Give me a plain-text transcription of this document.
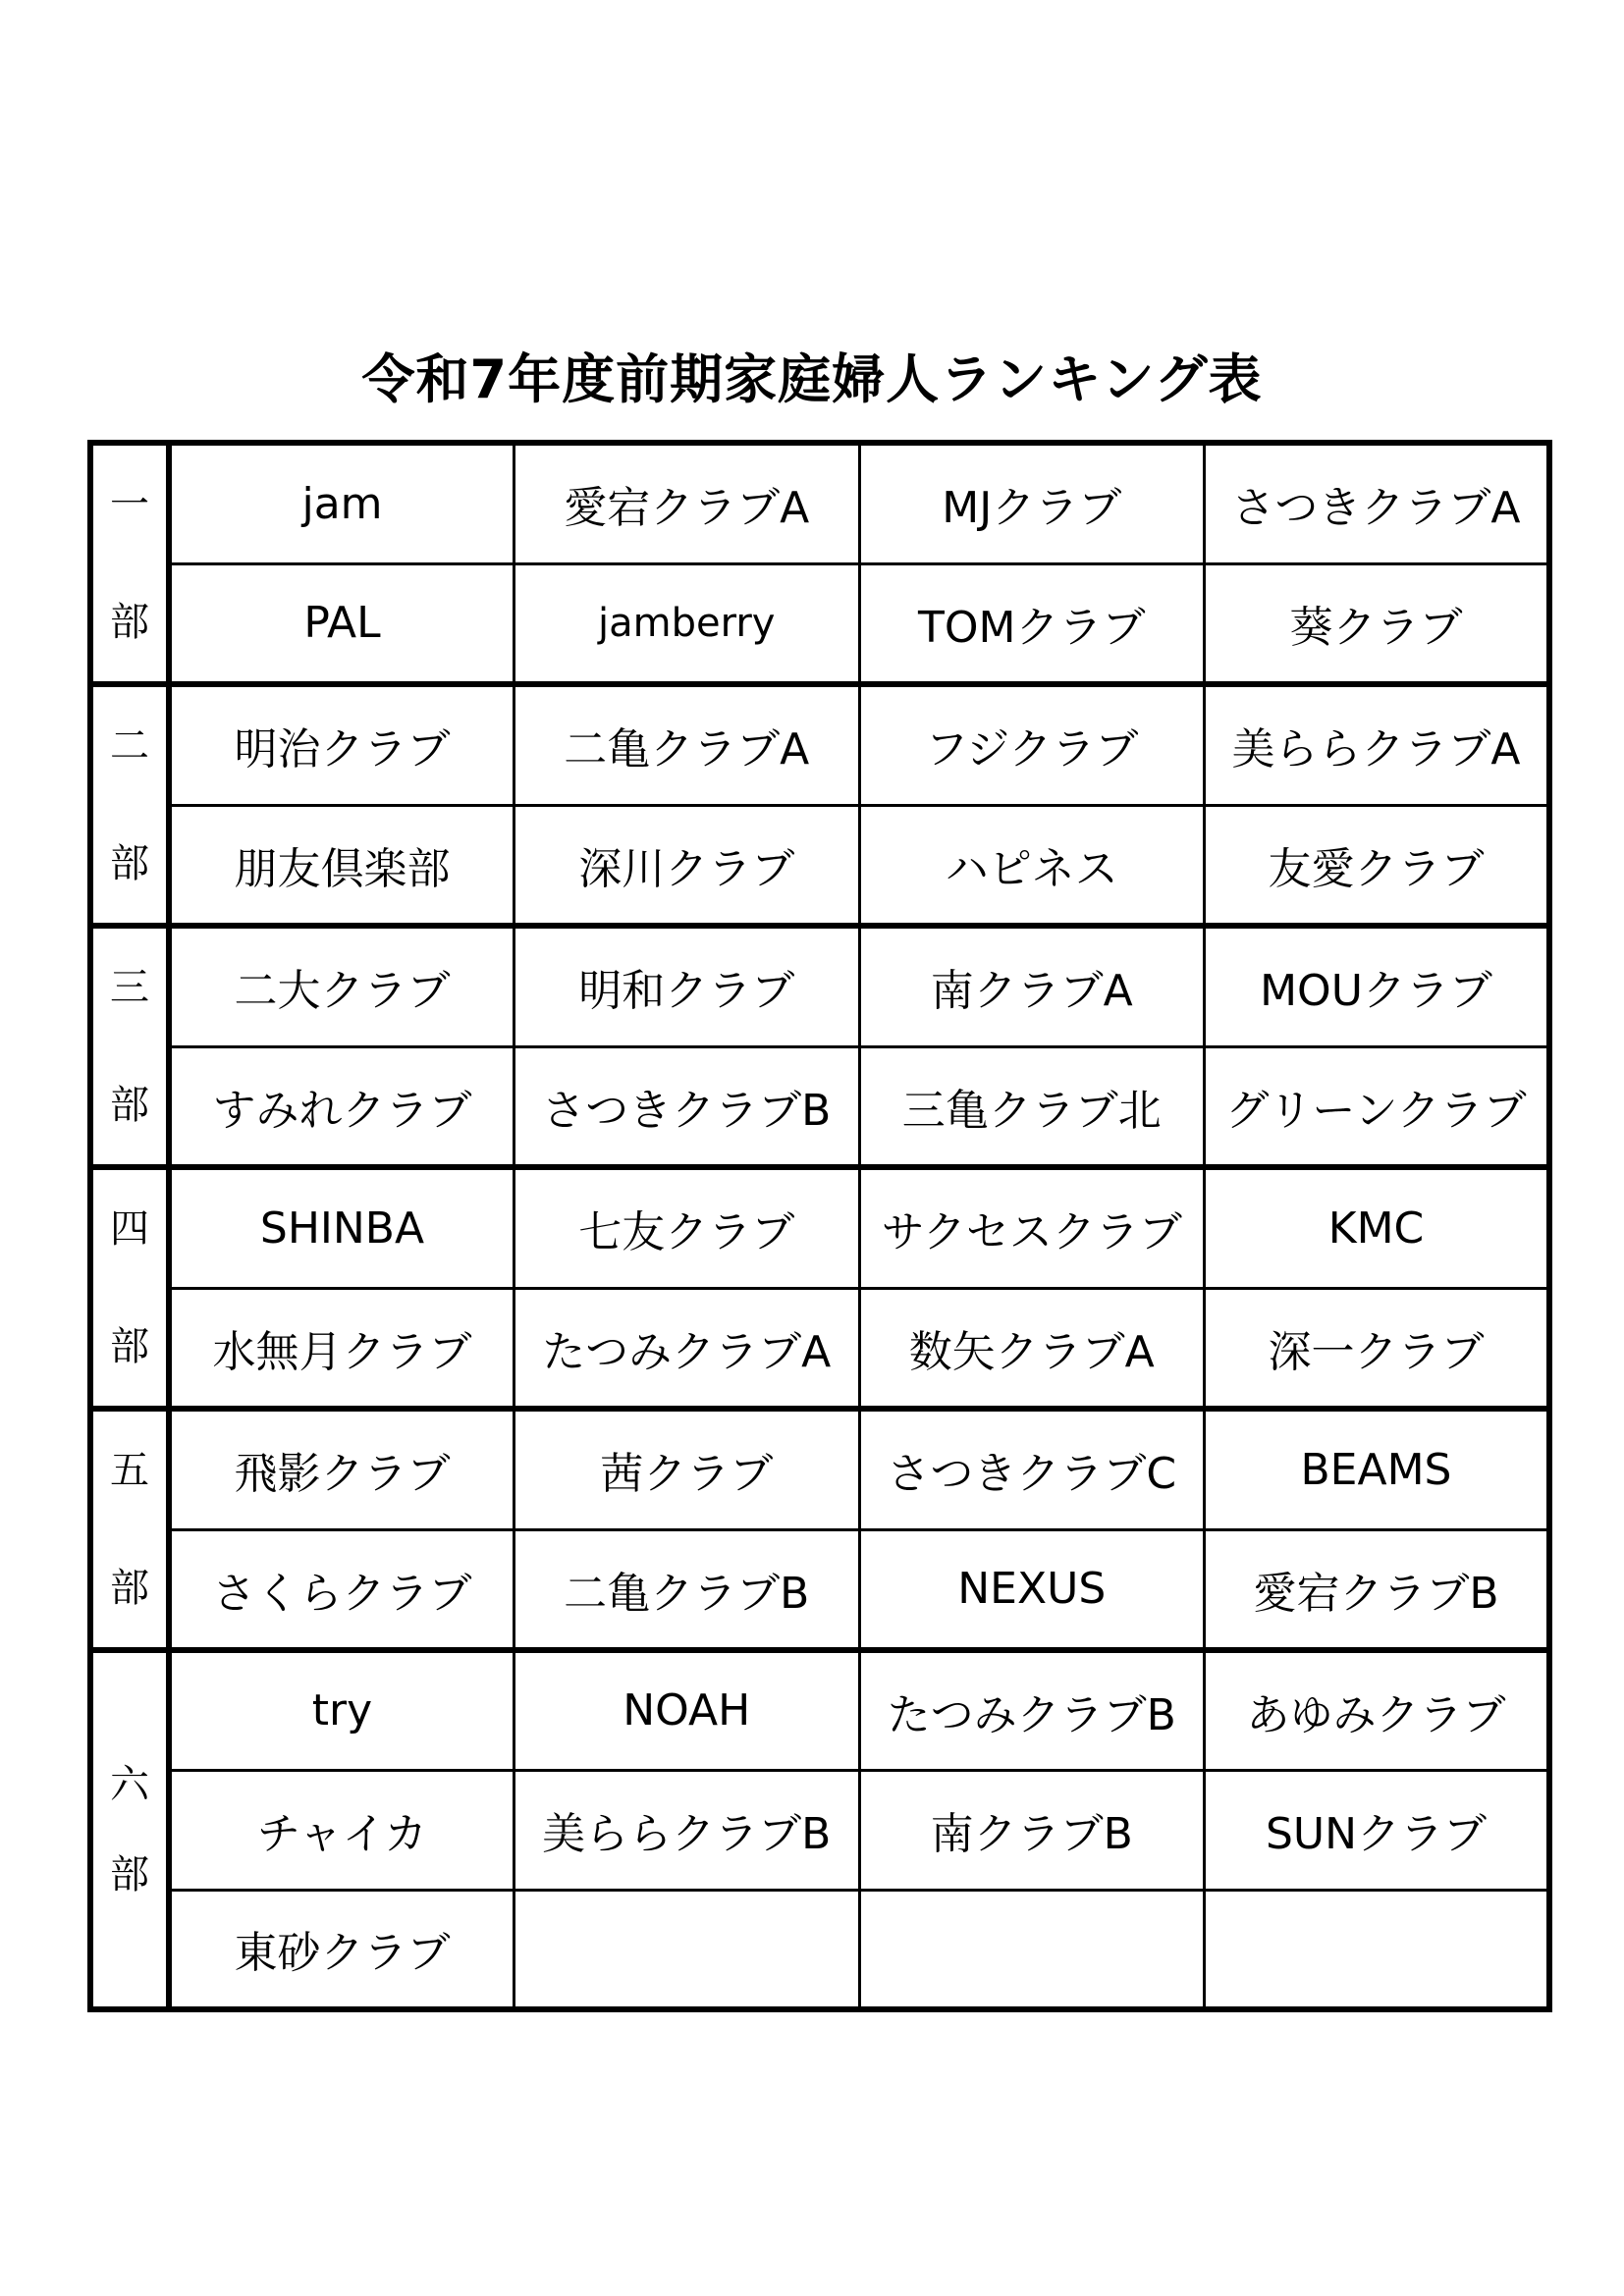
令和7年度前期家庭婦人ランキング表
一
部	jam	愛宕クラブA	MJクラブ	さつきクラブA

	PAL	jamberry	TOMクラブ	葵クラブ

二
部	明治クラブ	二亀クラブA	フジクラブ	美ららクラブA

	朋友倶楽部	深川クラブ	ハピネス	友愛クラブ

三
部	二大クラブ	明和クラブ	南クラブA	MOUクラブ

	すみれクラブ	さつきクラブB	三亀クラブ北	グリーンクラブ

四
部	SHINBA	七友クラブ	サクセスクラブ	KMC

	水無月クラブ	たつみクラブA	数矢クラブA	深一クラブ

五
部	飛影クラブ	茜クラブ	さつきクラブC	BEAMS

	さくらクラブ	二亀クラブB	NEXUS	愛宕クラブB

六
部	try	NOAH	たつみクラブB	あゆみクラブ

	チャイカ	美ららクラブB	南クラブB	SUNクラブ

	東砂クラブ			
